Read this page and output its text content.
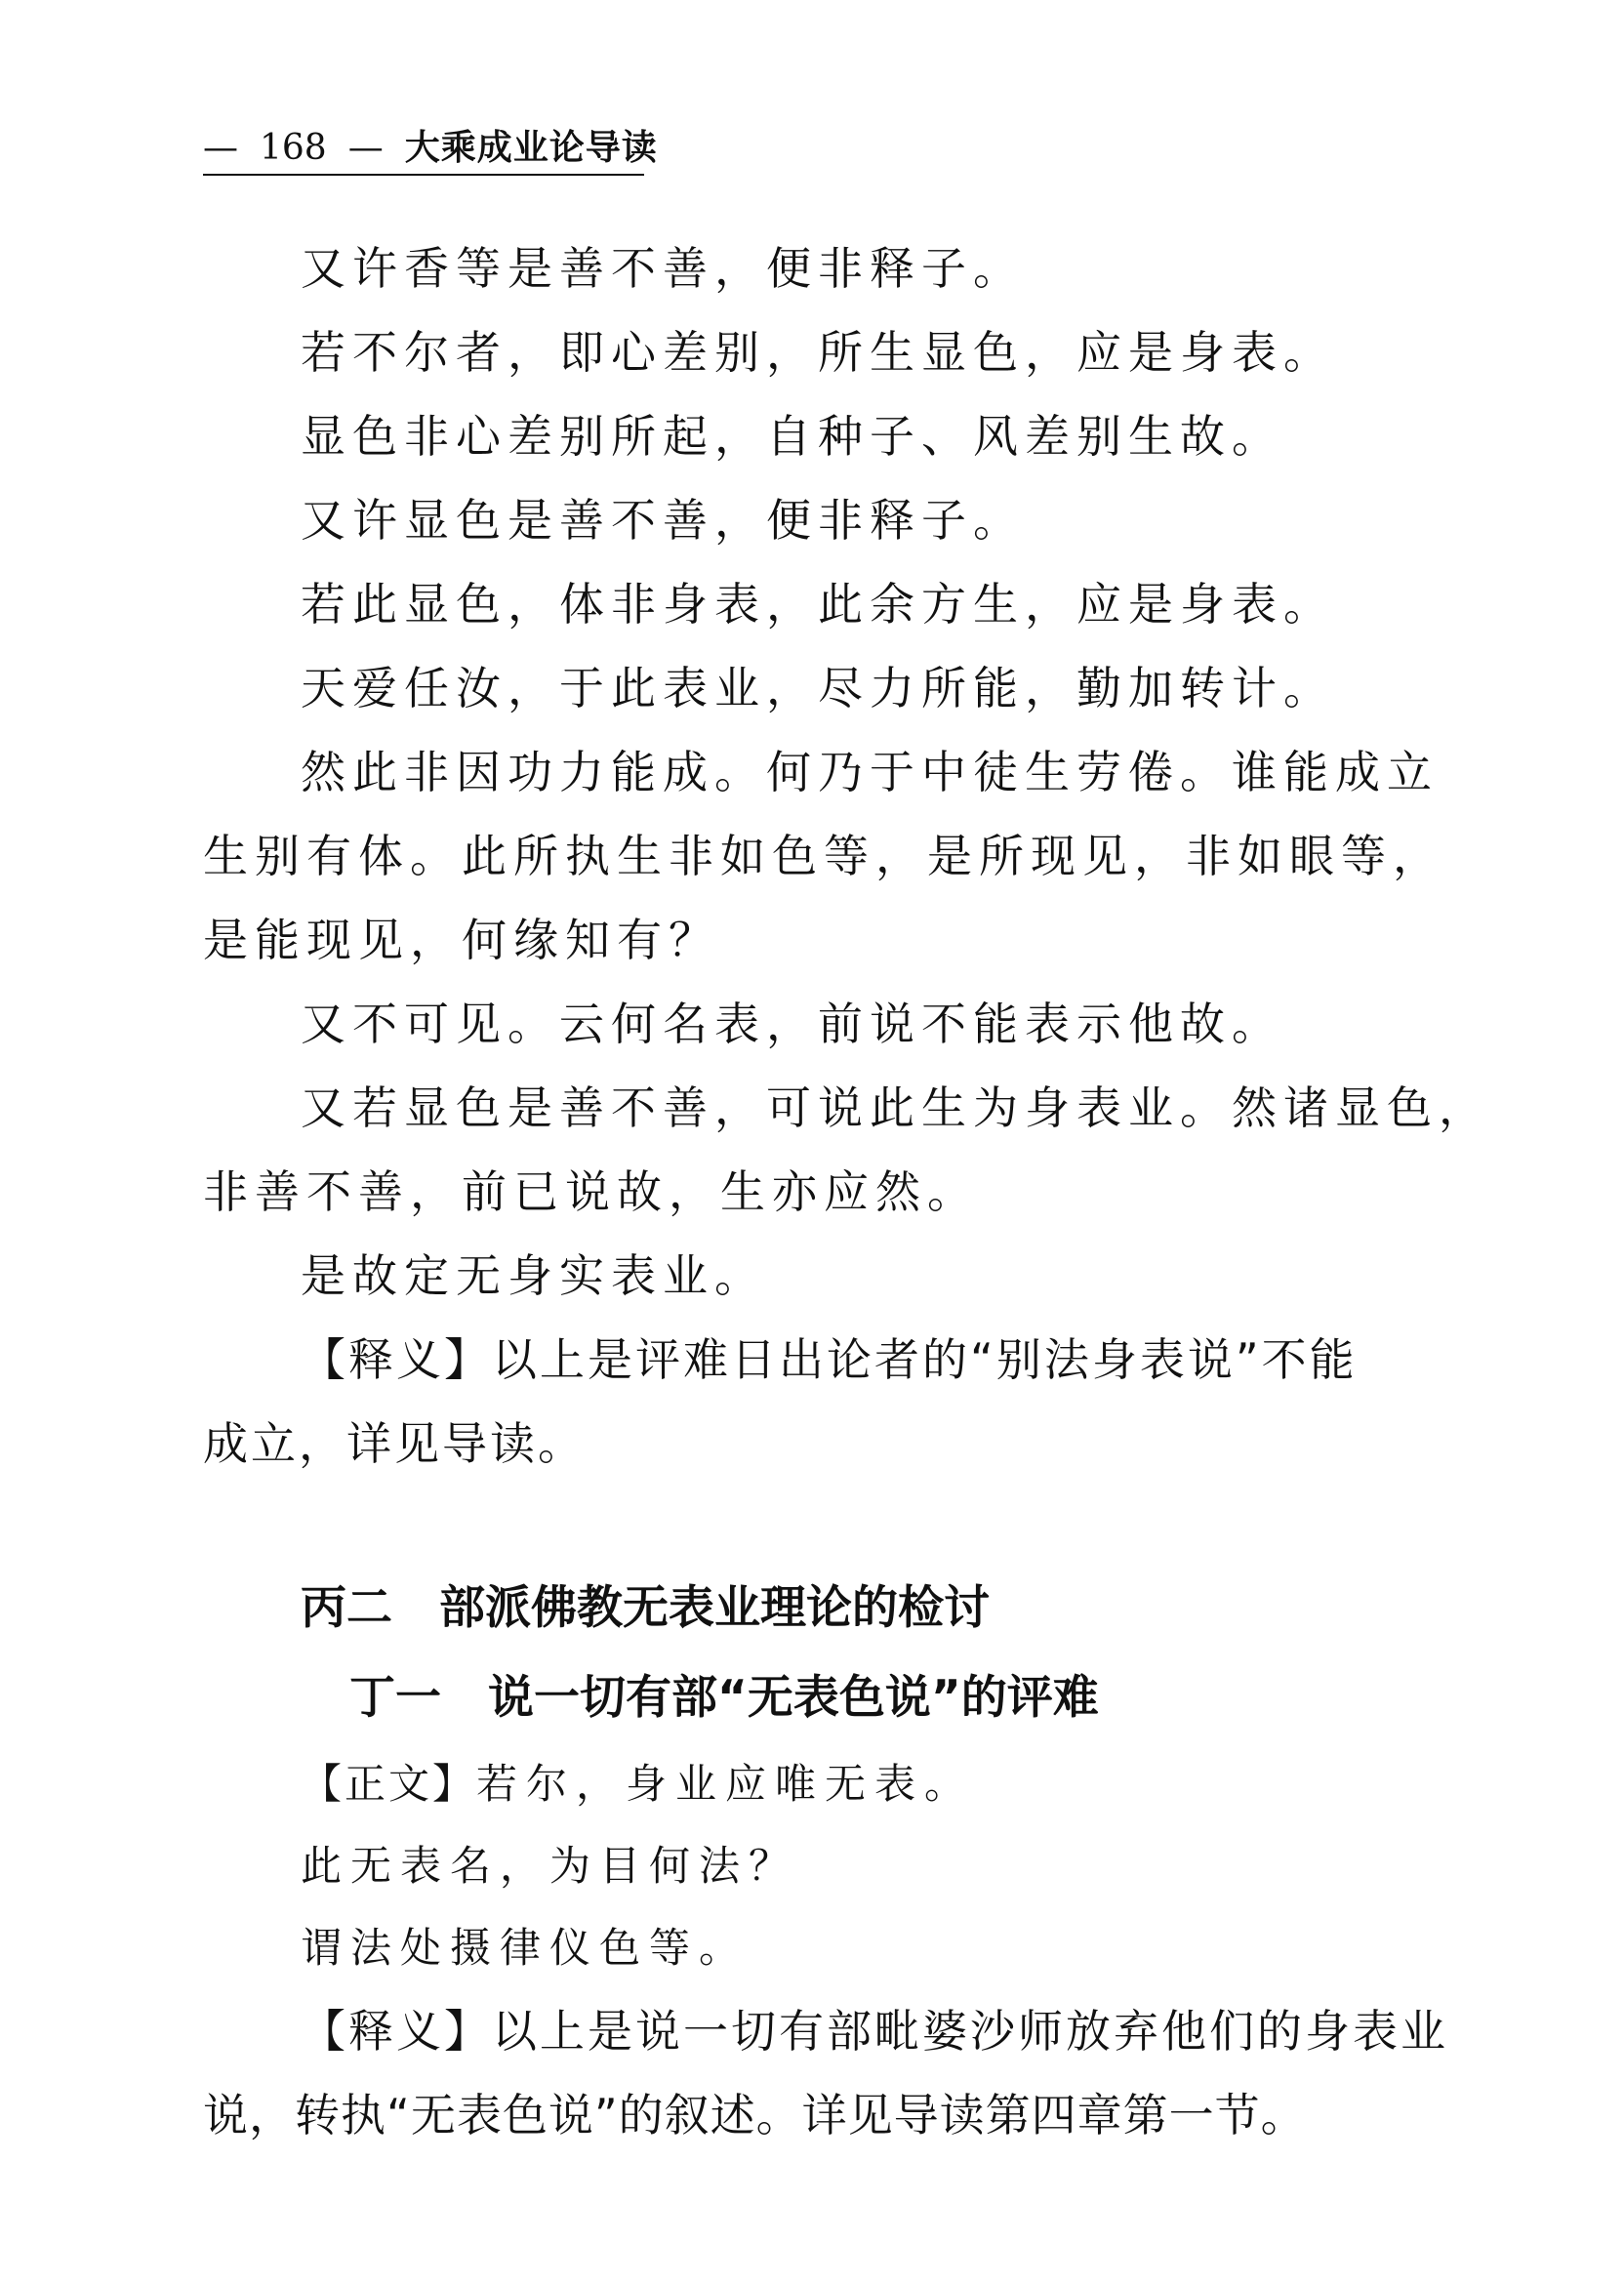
— 168 — 大乘成业论导读
又许香等是善不善，便非释子。
若不尔者，即心差别，所生显色，应是身表。
显色非心差别所起，自种子、风差别生故。
又许显色是善不善，便非释子。
若此显色，体非身表，此余方生，应是身表。
天爱任汝，于此表业，尽力所能，勤加转计。
然此非因功力能成。何乃于中徒生劳倦。谁能成立
生别有体。此所执生非如色等，是所现见，非如眼等，
是能现见，何缘知有？
又不可见。云何名表，前说不能表示他故。
又若显色是善不善，可说此生为身表业。然诸显色，
非善不善，前已说故，生亦应然。
是故定无身实表业。
【释义】以上是评难日出论者的“别法身表说”不能
成立，详见导读。
丙二 部派佛教无表业理论的检讨
丁一 说一切有部“无表色说”的评难
【正文】若尔，身业应唯无表。
此无表名，为目何法？
谓法处摄律仪色等。
【释义】以上是说一切有部毗婆沙师放弃他们的身表业
说，转执“无表色说”的叙述。详见导读第四章第一节。
